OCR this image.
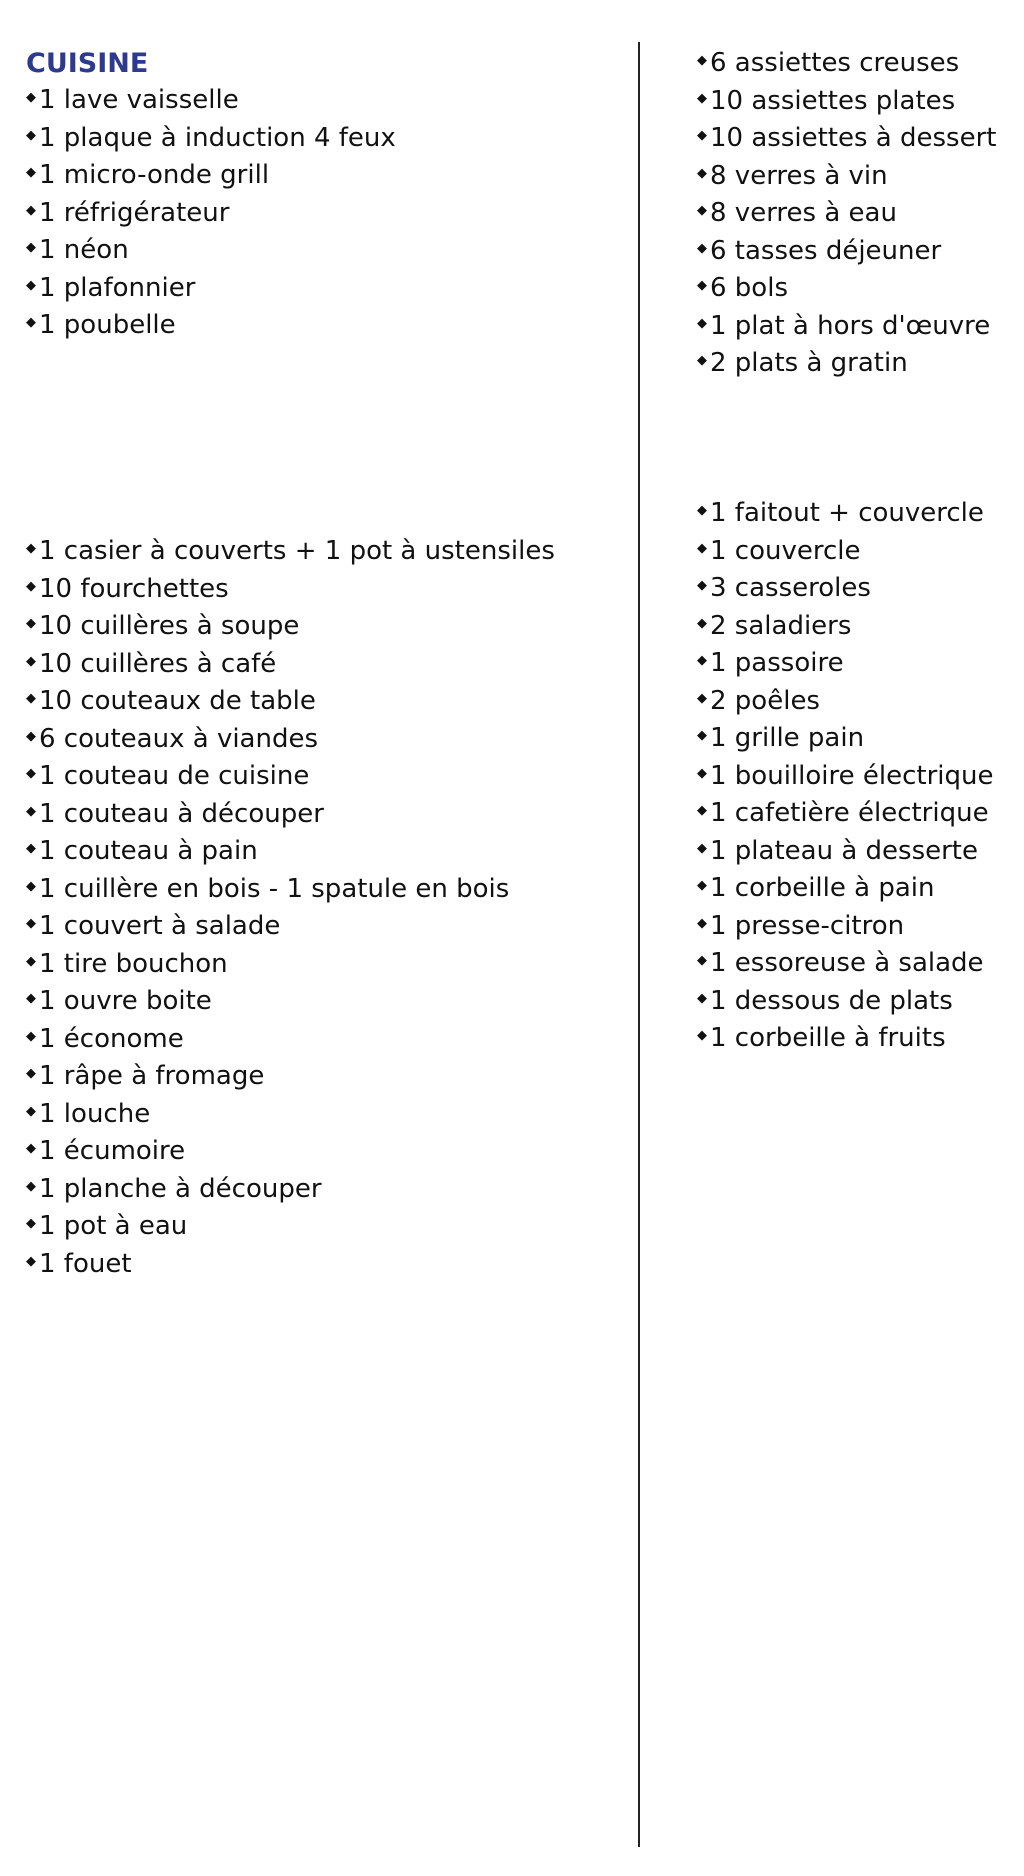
CUISINE
◆ 1 lave vaisselle
◆ 1 plaque à induction 4 feux
◆ 1 micro-onde grill
◆ 1 réfrigérateur
◆ 1 néon
◆ 1 plafonnier
◆ 1 poubelle
◆ 1 casier à couverts + 1 pot à ustensiles
◆ 10 fourchettes
◆ 10 cuillères à soupe
◆ 10 cuillères à café
◆ 10 couteaux de table
◆ 6 couteaux à viandes
◆ 1 couteau de cuisine
◆ 1 couteau à découper
◆ 1 couteau à pain
◆ 1 cuillère en bois - 1 spatule en bois
◆ 1 couvert à salade
◆ 1 tire bouchon
◆ 1 ouvre boite
◆ 1 économe
◆ 1 râpe à fromage
◆ 1 louche
◆ 1 écumoire
◆ 1 planche à découper
◆ 1 pot à eau
◆ 1 fouet
◆ 6 assiettes creuses
◆ 10 assiettes plates
◆ 10 assiettes à dessert
◆ 8 verres à vin
◆ 8 verres à eau
◆ 6 tasses déjeuner
◆ 6 bols
◆ 1 plat à hors d'œuvre
◆ 2 plats à gratin
◆ 1 faitout + couvercle
◆ 1 couvercle
◆ 3 casseroles
◆ 2 saladiers
◆ 1 passoire
◆ 2 poêles
◆ 1 grille pain
◆ 1 bouilloire électrique
◆ 1 cafetière électrique
◆ 1 plateau à desserte
◆ 1 corbeille à pain
◆ 1 presse-citron
◆ 1 essoreuse à salade
◆ 1 dessous de plats
◆ 1 corbeille à fruits
